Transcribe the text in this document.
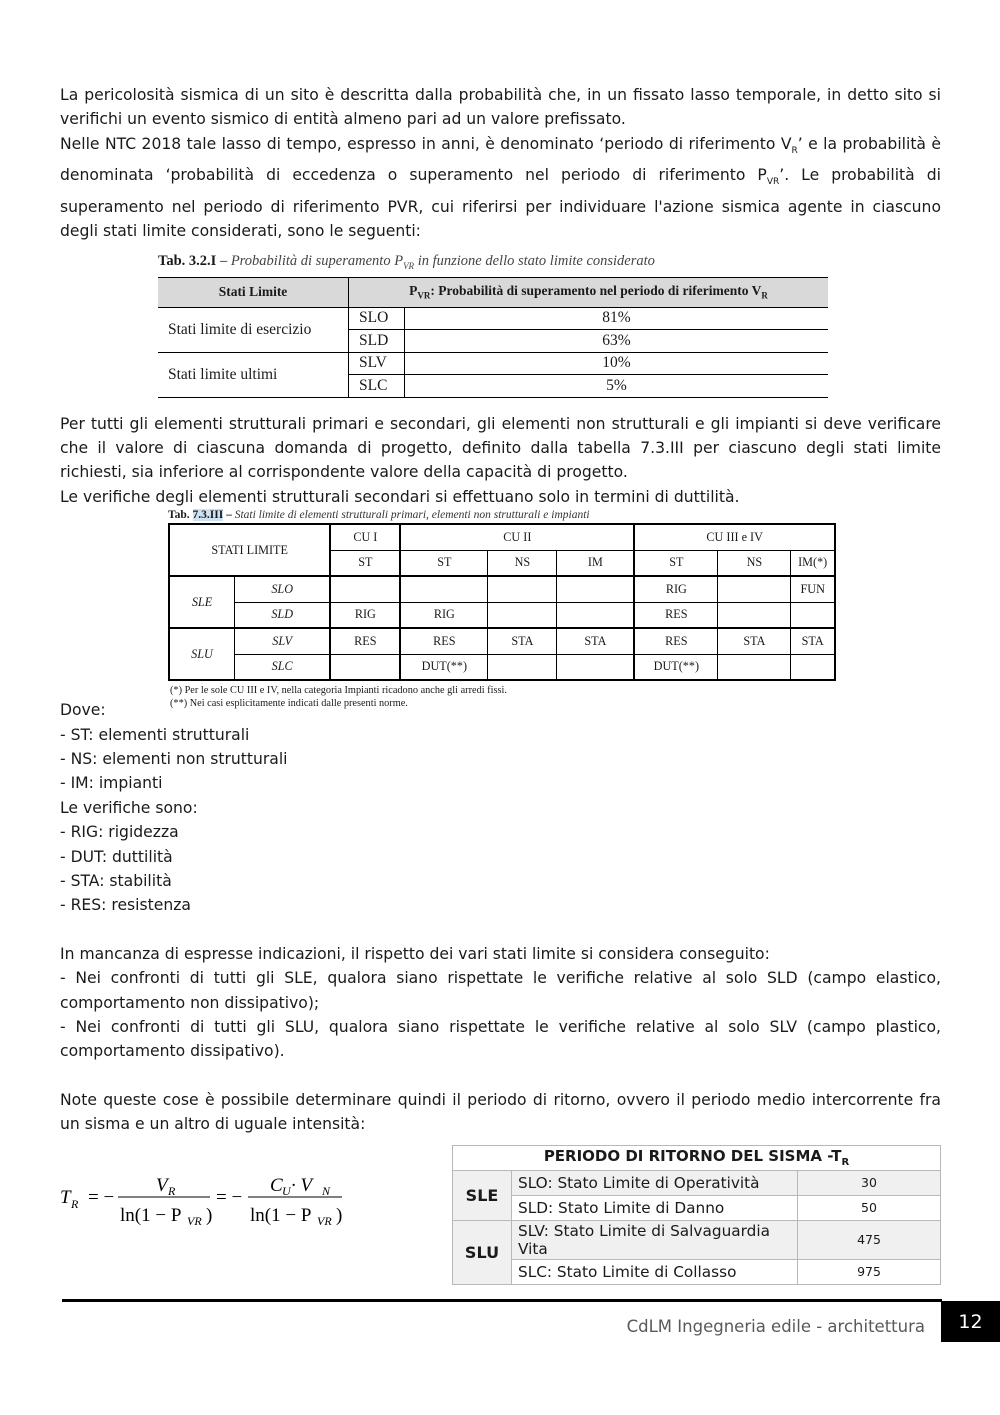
La pericolosità sismica di un sito è descritta dalla probabilità che, in un fissato lasso temporale, in detto sito si verifichi un evento sismico di entità almeno pari ad un valore prefissato.

Nelle NTC 2018 tale lasso di tempo, espresso in anni, è denominato ‘periodo di riferimento $V_R$’ e la probabilità è denominata ‘probabilità di eccedenza o superamento nel periodo di riferimento $P_{VR}$’. Le probabilità di superamento nel periodo di riferimento PVR, cui riferirsi per individuare l'azione sismica agente in ciascuno degli stati limite considerati, sono le seguenti:

Tab. 3.2.I – Probabilità di superamento $P_{VR}$ in funzione dello stato limite considerato
Stati Limite	$P_{VR}$: Probabilità di superamento nel periodo di riferimento $V_R$
Stati limite di esercizio	SLO	81%
	SLD	63%
Stati limite ultimi	SLV	10%
	SLC	5%

Per tutti gli elementi strutturali primari e secondari, gli elementi non strutturali e gli impianti si deve verificare che il valore di ciascuna domanda di progetto, definito dalla tabella 7.3.III per ciascuno degli stati limite richiesti, sia inferiore al corrispondente valore della capacità di progetto.

Le verifiche degli elementi strutturali secondari si effettuano solo in termini di duttilità.

Tab. 7.3.III – Stati limite di elementi strutturali primari, elementi non strutturali e impianti
STATI LIMITE		CU I	CU II			CU III e IV		
		ST	ST	NS	IM	ST	NS	IM(*)
SLE	SLO					RIG		FUN
	SLD	RIG	RIG			RES		
SLU	SLV	RES	RES	STA	STA	RES	STA	STA
	SLC		DUT(**)			DUT(**)		
(*) Per le sole CU III e IV, nella categoria Impianti ricadono anche gli arredi fissi.
(**) Nei casi esplicitamente indicati dalle presenti norme.

Dove:

- ST: elementi strutturali

- NS: elementi non strutturali

- IM: impianti

Le verifiche sono:

- RIG: rigidezza

- DUT: duttilità

- STA: stabilità

- RES: resistenza

In mancanza di espresse indicazioni, il rispetto dei vari stati limite si considera conseguito:

- Nei confronti di tutti gli SLE, qualora siano rispettate le verifiche relative al solo SLD (campo elastico, comportamento non dissipativo);

- Nei confronti di tutti gli SLU, qualora siano rispettate le verifiche relative al solo SLV (campo plastico, comportamento dissipativo).

Note queste cose è possibile determinare quindi il periodo di ritorno, ovvero il periodo medio intercorrente fra un sisma e un altro di uguale intensità:

T R = −
V R
ln(1 − P VR )
= −
C U · V N
ln(1 − P VR )
PERIODO DI RITORNO DEL SISMA $-T_R$
SLE	SLO: Stato Limite di Operatività	30
	SLD: Stato Limite di Danno	50
SLU	SLV: Stato Limite di Salvaguardia Vita	475
	SLC: Stato Limite di Collasso	975
CdLM Ingegneria edile - architettura	12
